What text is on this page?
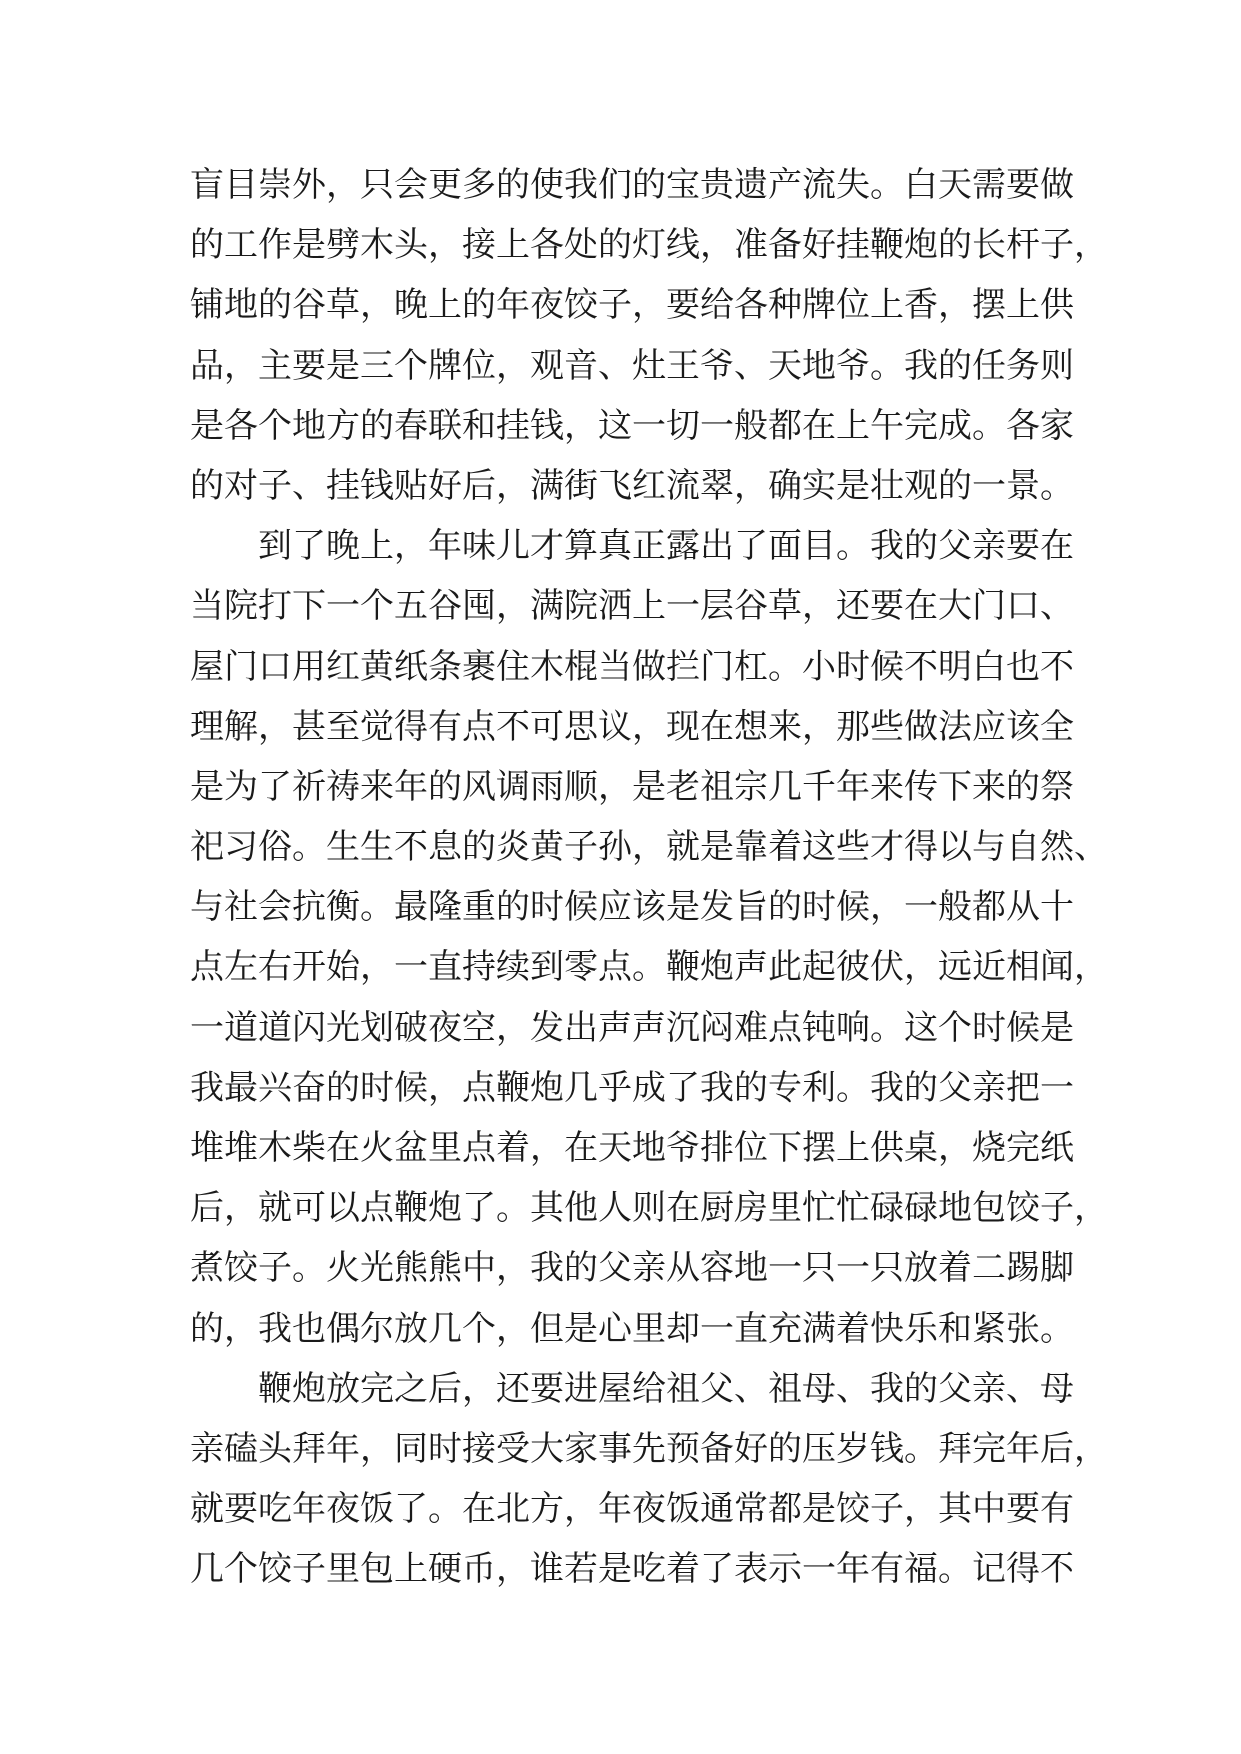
盲目崇外，只会更多的使我们的宝贵遗产流失。白天需要做
的工作是劈木头，接上各处的灯线，准备好挂鞭炮的长杆子，
铺地的谷草，晚上的年夜饺子，要给各种牌位上香，摆上供
品，主要是三个牌位，观音、灶王爷、天地爷。我的任务则
是各个地方的春联和挂钱，这一切一般都在上午完成。各家
的对子、挂钱贴好后，满街飞红流翠，确实是壮观的一景。
　　到了晚上，年味儿才算真正露出了面目。我的父亲要在
当院打下一个五谷囤，满院洒上一层谷草，还要在大门口、
屋门口用红黄纸条裹住木棍当做拦门杠。小时候不明白也不
理解，甚至觉得有点不可思议，现在想来，那些做法应该全
是为了祈祷来年的风调雨顺，是老祖宗几千年来传下来的祭
祀习俗。生生不息的炎黄子孙，就是靠着这些才得以与自然、
与社会抗衡。最隆重的时候应该是发旨的时候，一般都从十
点左右开始，一直持续到零点。鞭炮声此起彼伏，远近相闻，
一道道闪光划破夜空，发出声声沉闷难点钝响。这个时候是
我最兴奋的时候，点鞭炮几乎成了我的专利。我的父亲把一
堆堆木柴在火盆里点着，在天地爷排位下摆上供桌，烧完纸
后，就可以点鞭炮了。其他人则在厨房里忙忙碌碌地包饺子，
煮饺子。火光熊熊中，我的父亲从容地一只一只放着二踢脚
的，我也偶尔放几个，但是心里却一直充满着快乐和紧张。
　　鞭炮放完之后，还要进屋给祖父、祖母、我的父亲、母
亲磕头拜年，同时接受大家事先预备好的压岁钱。拜完年后，
就要吃年夜饭了。在北方，年夜饭通常都是饺子，其中要有
几个饺子里包上硬币，谁若是吃着了表示一年有福。记得不
